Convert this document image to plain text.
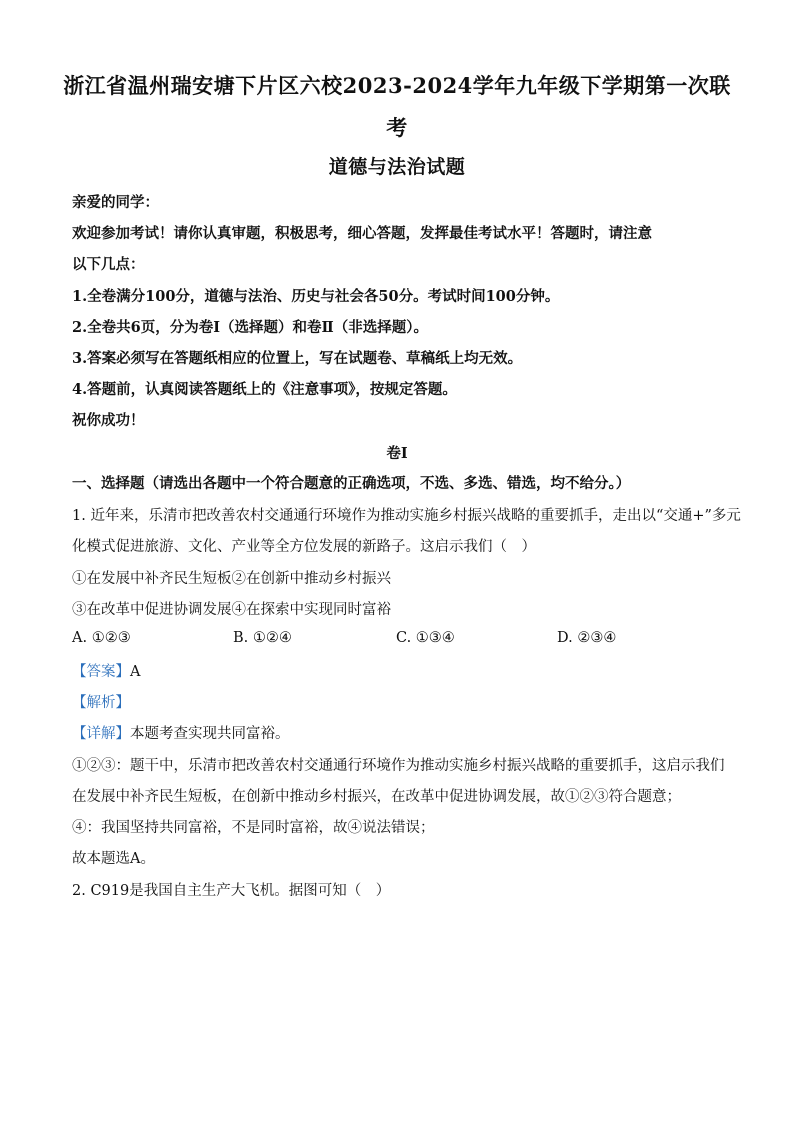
浙江省温州瑞安塘下片区六校2023-2024学年九年级下学期第一次联
考
道德与法治试题
亲爱的同学：
欢迎参加考试！请你认真审题，积极思考，细心答题，发挥最佳考试水平！答题时，请注意
以下几点：
1.全卷满分100分，道德与法治、历史与社会各50分。考试时间100分钟。
2.全卷共6页，分为卷Ⅰ（选择题）和卷Ⅱ（非选择题）。
3.答案必须写在答题纸相应的位置上，写在试题卷、草稿纸上均无效。
4.答题前，认真阅读答题纸上的《注意事项》，按规定答题。
祝你成功！
卷Ⅰ
一、选择题（请选出各题中一个符合题意的正确选项，不选、多选、错选，均不给分。）
1. 近年来，乐清市把改善农村交通通行环境作为推动实施乡村振兴战略的重要抓手，走出以“交通+”多元
化模式促进旅游、文化、产业等全方位发展的新路子。这启示我们（　）
①在发展中补齐民生短板②在创新中推动乡村振兴
③在改革中促进协调发展④在探索中实现同时富裕
A. ①②③	B. ①②④	C. ①③④	D. ②③④
【答案】A
【解析】
【详解】本题考查实现共同富裕。
①②③：题干中，乐清市把改善农村交通通行环境作为推动实施乡村振兴战略的重要抓手，这启示我们
在发展中补齐民生短板，在创新中推动乡村振兴，在改革中促进协调发展，故①②③符合题意；
④：我国坚持共同富裕，不是同时富裕，故④说法错误；
故本题选A。
2. C919是我国自主生产大飞机。据图可知（　）
